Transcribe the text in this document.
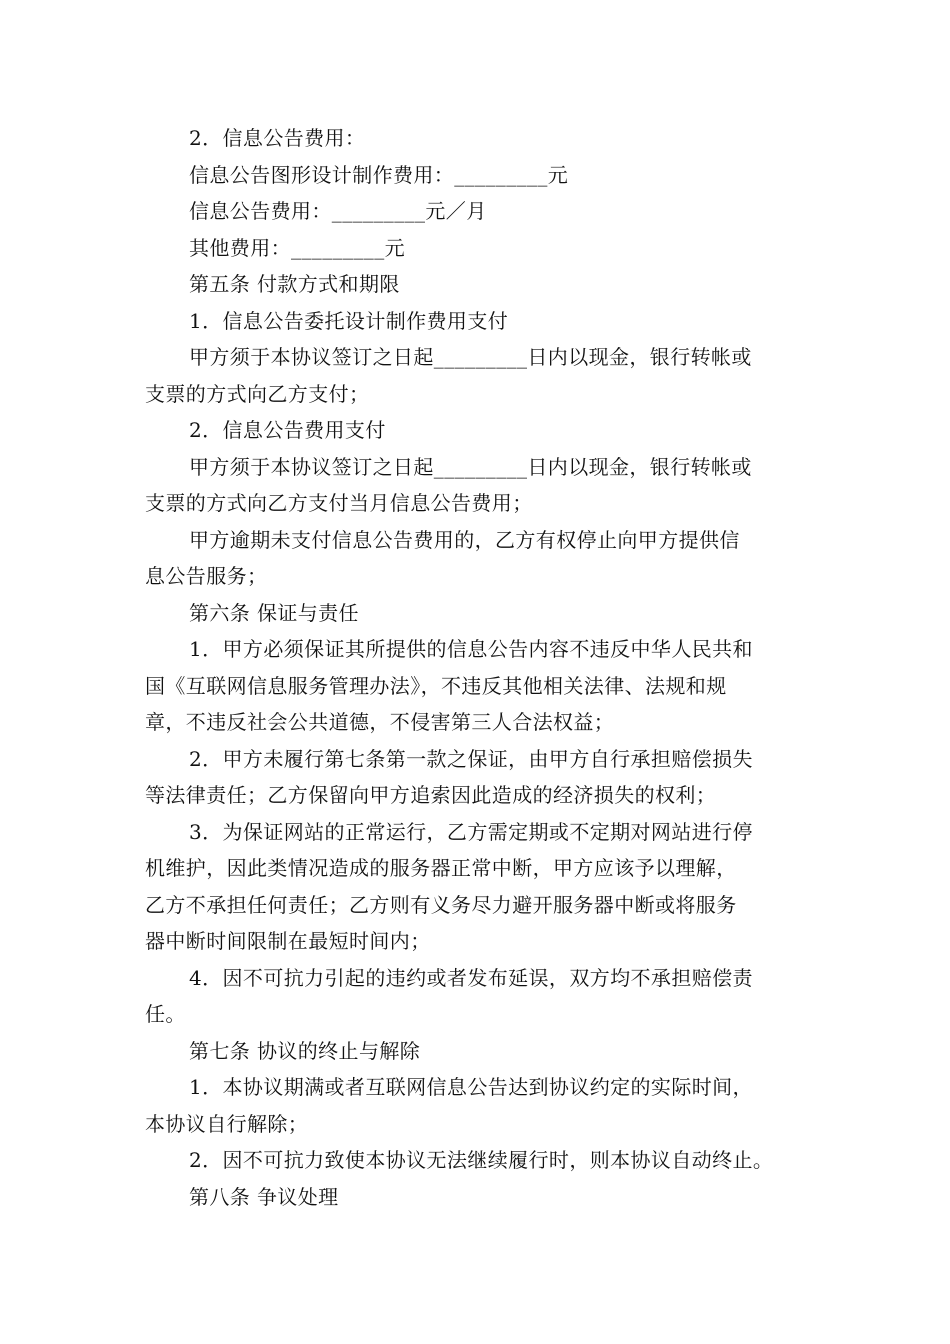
2．信息公告费用：
信息公告图形设计制作费用：_________元
信息公告费用：_________元／月
其他费用：_________元
第五条 付款方式和期限
1．信息公告委托设计制作费用支付
甲方须于本协议签订之日起_________日内以现金，银行转帐或
支票的方式向乙方支付；
2．信息公告费用支付
甲方须于本协议签订之日起_________日内以现金，银行转帐或
支票的方式向乙方支付当月信息公告费用；
甲方逾期未支付信息公告费用的，乙方有权停止向甲方提供信
息公告服务；
第六条 保证与责任
1．甲方必须保证其所提供的信息公告内容不违反中华人民共和
国《互联网信息服务管理办法》，不违反其他相关法律、法规和规
章，不违反社会公共道德，不侵害第三人合法权益；
2．甲方未履行第七条第一款之保证，由甲方自行承担赔偿损失
等法律责任；乙方保留向甲方追索因此造成的经济损失的权利；
3．为保证网站的正常运行，乙方需定期或不定期对网站进行停
机维护，因此类情况造成的服务器正常中断，甲方应该予以理解，
乙方不承担任何责任；乙方则有义务尽力避开服务器中断或将服务
器中断时间限制在最短时间内；
4．因不可抗力引起的违约或者发布延误，双方均不承担赔偿责
任。
第七条 协议的终止与解除
1．本协议期满或者互联网信息公告达到协议约定的实际时间，
本协议自行解除；
2．因不可抗力致使本协议无法继续履行时，则本协议自动终止。
第八条 争议处理
